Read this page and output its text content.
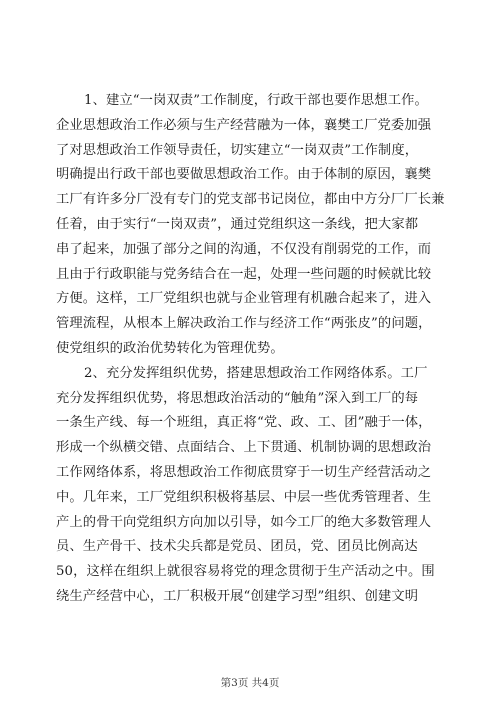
1、建立“一岗双责”工作制度，行政干部也要作思想工作。
企业思想政治工作必须与生产经营融为一体，襄樊工厂党委加强
了对思想政治工作领导责任，切实建立“一岗双责”工作制度，
明确提出行政干部也要做思想政治工作。由于体制的原因，襄樊
工厂有许多分厂没有专门的党支部书记岗位，都由中方分厂厂长兼
任着，由于实行“一岗双责”，通过党组织这一条线，把大家都
串了起来，加强了部分之间的沟通，不仅没有削弱党的工作，而
且由于行政职能与党务结合在一起，处理一些问题的时候就比较
方便。这样，工厂党组织也就与企业管理有机融合起来了，进入
管理流程，从根本上解决政治工作与经济工作“两张皮”的问题，
使党组织的政治优势转化为管理优势。
2、充分发挥组织优势，搭建思想政治工作网络体系。工厂
充分发挥组织优势，将思想政治活动的“触角”深入到工厂的每
一条生产线、每一个班组，真正将“党、政、工、团”融于一体，
形成一个纵横交错、点面结合、上下贯通、机制协调的思想政治
工作网络体系，将思想政治工作彻底贯穿于一切生产经营活动之
中。几年来，工厂党组织积极将基层、中层一些优秀管理者、生
产上的骨干向党组织方向加以引导，如今工厂的绝大多数管理人
员、生产骨干、技术尖兵都是党员、团员，党、团员比例高达
50，这样在组织上就很容易将党的理念贯彻于生产活动之中。围
绕生产经营中心，工厂积极开展“创建学习型”组织、创建文明
第3页 共4页
